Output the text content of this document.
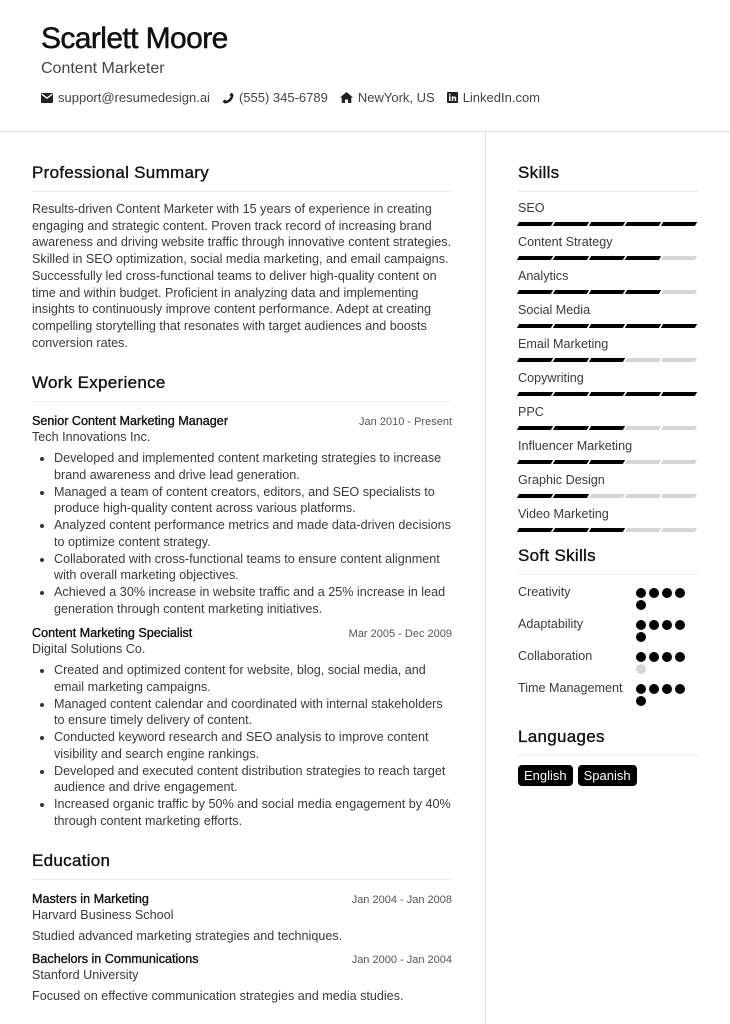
Scarlett Moore
Content Marketer
support@resumedesign.ai (555) 345-6789 NewYork, US LinkedIn.com
Professional Summary

Results-driven Content Marketer with 15 years of experience in creating engaging and strategic content. Proven track record of increasing brand awareness and driving website traffic through innovative content strategies. Skilled in SEO optimization, social media marketing, and email campaigns. Successfully led cross-functional teams to deliver high-quality content on time and within budget. Proficient in analyzing data and implementing insights to continuously improve content performance. Adept at creating compelling storytelling that resonates with target audiences and boosts conversion rates.

Work Experience
Senior Content Marketing Manager	Jan 2010 - Present
Tech Innovations Inc.
Developed and implemented content marketing strategies to increase brand awareness and drive lead generation.
Managed a team of content creators, editors, and SEO specialists to produce high-quality content across various platforms.
Analyzed content performance metrics and made data-driven decisions to optimize content strategy.
Collaborated with cross-functional teams to ensure content alignment with overall marketing objectives.
Achieved a 30% increase in website traffic and a 25% increase in lead generation through content marketing initiatives.
Content Marketing Specialist	Mar 2005 - Dec 2009
Digital Solutions Co.
Created and optimized content for website, blog, social media, and email marketing campaigns.
Managed content calendar and coordinated with internal stakeholders to ensure timely delivery of content.
Conducted keyword research and SEO analysis to improve content visibility and search engine rankings.
Developed and executed content distribution strategies to reach target audience and drive engagement.
Increased organic traffic by 50% and social media engagement by 40% through content marketing efforts.
Education
Masters in Marketing	Jan 2004 - Jan 2008
Harvard Business School
Studied advanced marketing strategies and techniques.
Bachelors in Communications	Jan 2000 - Jan 2004
Stanford University
Focused on effective communication strategies and media studies.
Skills
SEO
Content Strategy
Analytics
Social Media
Email Marketing
Copywriting
PPC
Influencer Marketing
Graphic Design
Video Marketing
Soft Skills
Creativity
Adaptability
Collaboration
Time Management
Languages
English	Spanish
